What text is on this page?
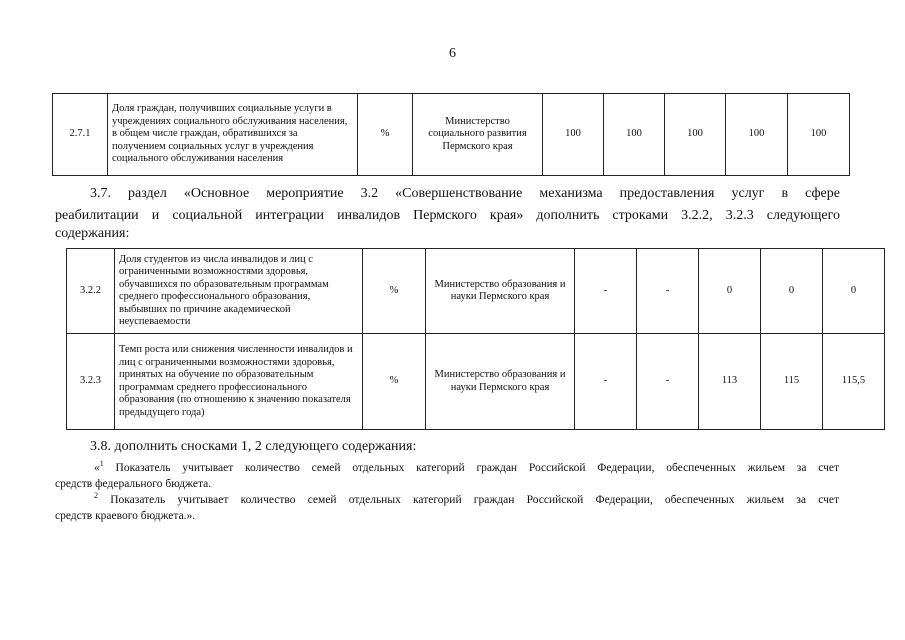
6
2.7.1	Доля граждан, получивших социальные услуги в учреждениях социального обслуживания населения, в общем числе граждан, обратившихся за получением социальных услуг в учреждения социального обслуживания населения	%	Министерство социального развития Пермского края	100	100	100	100	100
3.7. раздел «Основное мероприятие 3.2 «Совершенствование механизма предоставления услуг в сфере
реабилитации и социальной интеграции инвалидов Пермского края» дополнить строками 3.2.2, 3.2.3 следующего
содержания:
3.2.2	Доля студентов из числа инвалидов и лиц с ограниченными возможностями здоровья, обучавшихся по образовательным программам среднего профессионального образования, выбывших по причине академической неуспеваемости	%	Министерство образования и науки Пермского края	-	-	0	0	0
3.2.3	Темп роста или снижения численности инвалидов и лиц с ограниченными возможностями здоровья, принятых на обучение по образовательным программам среднего профессионального образования (по отношению к значению показателя предыдущего года)	%	Министерство образования и науки Пермского края	-	-	113	115	115,5
3.8. дополнить сносками 1, 2 следующего содержания:
«$^1$ Показатель учитывает количество семей отдельных категорий граждан Российской Федерации, обеспеченных жильем за счет
средств федерального бюджета.
$^2$ Показатель учитывает количество семей отдельных категорий граждан Российской Федерации, обеспеченных жильем за счет
средств краевого бюджета.».
